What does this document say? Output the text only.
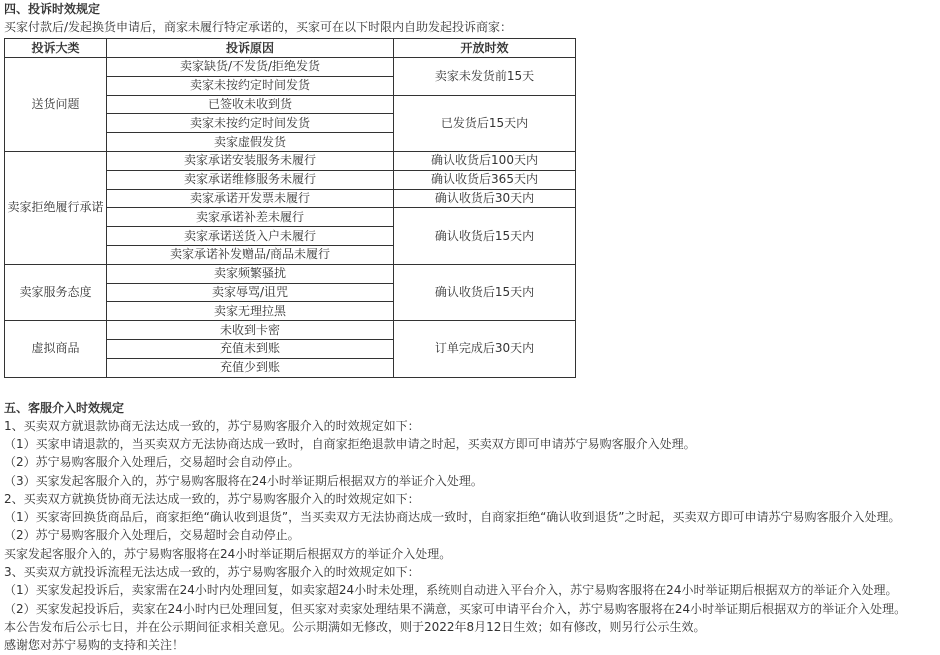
四、投诉时效规定
买家付款后/发起换货申请后，商家未履行特定承诺的，买家可在以下时限内自助发起投诉商家：
投诉大类	投诉原因	开放时效
送货问题	卖家缺货/不发货/拒绝发货	卖家未发货前15天
	卖家未按约定时间发货	
	已签收未收到货	已发货后15天内
	卖家未按约定时间发货	
	卖家虚假发货	
卖家拒绝履行承诺	卖家承诺安装服务未履行	确认收货后100天内
	卖家承诺维修服务未履行	确认收货后365天内
	卖家承诺开发票未履行	确认收货后30天内
	卖家承诺补差未履行	确认收货后15天内
	卖家承诺送货入户未履行	
	卖家承诺补发赠品/商品未履行	
卖家服务态度	卖家频繁骚扰	确认收货后15天内
	卖家辱骂/诅咒	
	卖家无理拉黑	
虚拟商品	未收到卡密	订单完成后30天内
	充值未到账	
	充值少到账	
五、客服介入时效规定
1、买卖双方就退款协商无法达成一致的，苏宁易购客服介入的时效规定如下：
（1）买家申请退款的，当买卖双方无法协商达成一致时，自商家拒绝退款申请之时起，买卖双方即可申请苏宁易购客服介入处理。
（2）苏宁易购客服介入处理后，交易超时会自动停止。
（3）买家发起客服介入的，苏宁易购客服将在24小时举证期后根据双方的举证介入处理。
2、买卖双方就换货协商无法达成一致的，苏宁易购客服介入的时效规定如下：
（1）买家寄回换货商品后，商家拒绝“确认收到退货”，当买卖双方无法协商达成一致时，自商家拒绝“确认收到退货”之时起，买卖双方即可申请苏宁易购客服介入处理。
（2）苏宁易购客服介入处理后，交易超时会自动停止。
买家发起客服介入的，苏宁易购客服将在24小时举证期后根据双方的举证介入处理。
3、买卖双方就投诉流程无法达成一致的，苏宁易购客服介入的时效规定如下：
（1）买家发起投诉后，卖家需在24小时内处理回复，如卖家超24小时未处理，系统则自动进入平台介入，苏宁易购客服将在24小时举证期后根据双方的举证介入处理。
（2）买家发起投诉后，卖家在24小时内已处理回复，但买家对卖家处理结果不满意，买家可申请平台介入，苏宁易购客服将在24小时举证期后根据双方的举证介入处理。
本公告发布后公示七日，并在公示期间征求相关意见。公示期满如无修改，则于2022年8月12日生效；如有修改，则另行公示生效。
感谢您对苏宁易购的支持和关注！
